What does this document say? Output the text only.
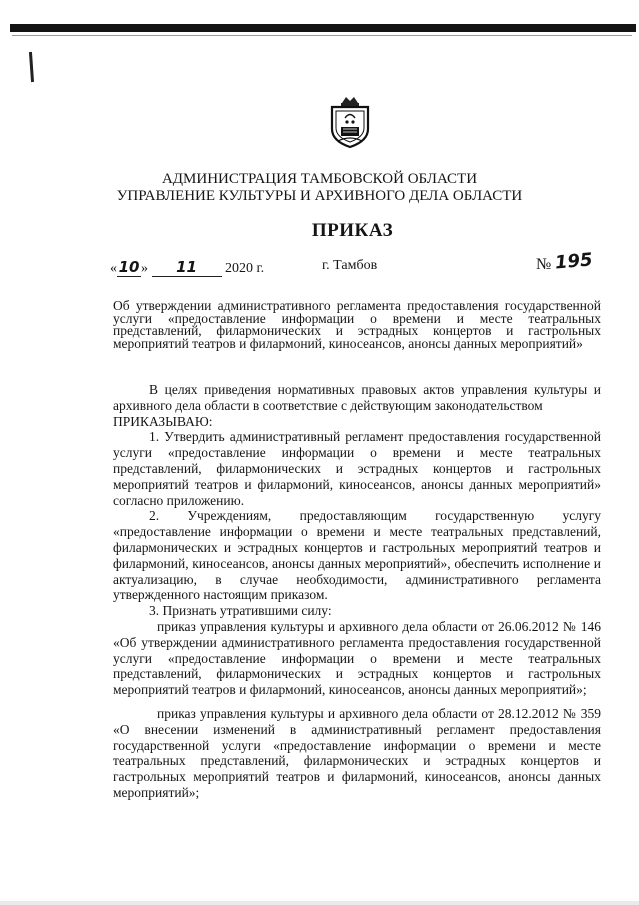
АДМИНИСТРАЦИЯ ТАМБОВСКОЙ ОБЛАСТИ
УПРАВЛЕНИЕ КУЛЬТУРЫ И АРХИВНОГО ДЕЛА ОБЛАСТИ
ПРИКАЗ
« 10 » 11 2020 г.	г. Тамбов	№ 195

Об утверждении административного регламента предоставления государственной услуги «предоставление информации о времени и месте театральных представлений, филармонических и эстрадных концертов и гастрольных мероприятий театров и филармоний, киносеансов, анонсы данных мероприятий»

В целях приведения нормативных правовых актов управления культуры и архивного дела области в соответствие с действующим законодательством

ПРИКАЗЫВАЮ:

1. Утвердить административный регламент предоставления государственной услуги «предоставление информации о времени и месте театральных представлений, филармонических и эстрадных концертов и гастрольных мероприятий театров и филармоний, киносеансов, анонсы данных мероприятий» согласно приложению.

2. Учреждениям, предоставляющим государственную услугу «предоставление информации о времени и месте театральных представлений, филармонических и эстрадных концертов и гастрольных мероприятий театров и филармоний, киносеансов, анонсы данных мероприятий», обеспечить исполнение и актуализацию, в случае необходимости, административного регламента утвержденного настоящим приказом.

3. Признать утратившими силу:

приказ управления культуры и архивного дела области от 26.06.2012 № 146 «Об утверждении административного регламента предоставления государственной услуги «предоставление информации о времени и месте театральных представлений, филармонических и эстрадных концертов и гастрольных мероприятий театров и филармоний, киносеансов, анонсы данных мероприятий»;

приказ управления культуры и архивного дела области от 28.12.2012 № 359 «О внесении изменений в административный регламент предоставления государственной услуги «предоставление информации о времени и месте театральных представлений, филармонических и эстрадных концертов и гастрольных мероприятий театров и филармоний, киносеансов, анонсы данных мероприятий»;
